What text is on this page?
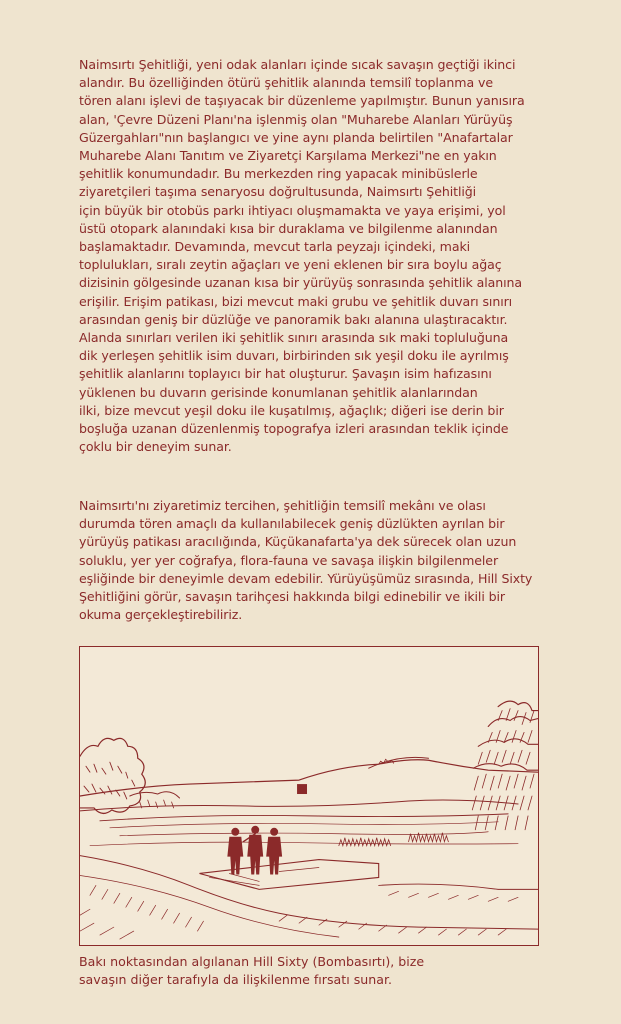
Naimsırtı Şehitliği, yeni odak alanları içinde sıcak savaşın geçtiği ikinci
alandır. Bu özelliğinden ötürü şehitlik alanında temsilî toplanma ve
tören alanı işlevi de taşıyacak bir düzenleme yapılmıştır. Bunun yanısıra
alan, 'Çevre Düzeni Planı'na işlenmiş olan "Muharebe Alanları Yürüyüş
Güzergahları"nın başlangıcı ve yine aynı planda belirtilen "Anafartalar
Muharebe Alanı Tanıtım ve Ziyaretçi Karşılama Merkezi"ne en yakın
şehitlik konumundadır. Bu merkezden ring yapacak minibüslerle
ziyaretçileri taşıma senaryosu doğrultusunda, Naimsırtı Şehitliği
için büyük bir otobüs parkı ihtiyacı oluşmamakta ve yaya erişimi, yol
üstü otopark alanındaki kısa bir duraklama ve bilgilenme alanından
başlamaktadır. Devamında, mevcut tarla peyzajı içindeki, maki
toplulukları, sıralı zeytin ağaçları ve yeni eklenen bir sıra boylu ağaç
dizisinin gölgesinde uzanan kısa bir yürüyüş sonrasında şehitlik alanına
erişilir. Erişim patikası, bizi mevcut maki grubu ve şehitlik duvarı sınırı
arasından geniş bir düzlüğe ve panoramik bakı alanına ulaştıracaktır.
Alanda sınırları verilen iki şehitlik sınırı arasında sık maki topluluğuna
dik yerleşen şehitlik isim duvarı, birbirinden sık yeşil doku ile ayrılmış
şehitlik alanlarını toplayıcı bir hat oluşturur. Şavaşın isim hafızasını
yüklenen bu duvarın gerisinde konumlanan şehitlik alanlarından
ilki, bize mevcut yeşil doku ile kuşatılmış, ağaçlık; diğeri ise derin bir
boşluğa uzanan düzenlenmiş topografya izleri arasından teklik içinde
çoklu bir deneyim sunar.
Naimsırtı'nı ziyaretimiz tercihen, şehitliğin temsilî mekânı ve olası
durumda tören amaçlı da kullanılabilecek geniş düzlükten ayrılan bir
yürüyüş patikası aracılığında, Küçükanafarta'ya dek sürecek olan uzun
soluklu, yer yer coğrafya, flora-fauna ve savaşa ilişkin bilgilenmeler
eşliğinde bir deneyimle devam edebilir. Yürüyüşümüz sırasında, Hill Sixty
Şehitliğini görür, savaşın tarihçesi hakkında bilgi edinebilir ve ikili bir
okuma gerçekleştirebiliriz.
Bakı noktasından algılanan Hill Sixty (Bombasırtı), bize
savaşın diğer tarafıyla da ilişkilenme fırsatı sunar.
